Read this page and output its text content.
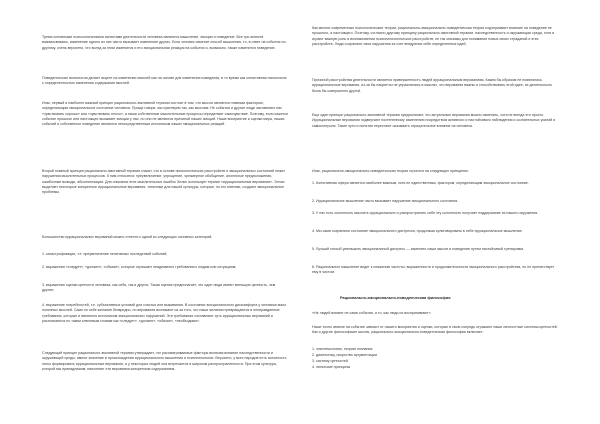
Тремя основными психологическими аспектами деятельности человека являются мышление, эмоции и поведение. Все три аспекта взаимосвязаны, изменение одного из них часто вызывает изменение других. Если человек изменит способ мышления, то, в ответ на события по-другому, очень вероятно, что вслед за этим изменится и его эмоциональная реакция на события и, возможно, также изменится поведение.

Поведенческая психология делает акцент на изменении мыслей как на основе для изменения поведения, в то время как когнитивная психология с определенностью изменения содержания мыслей.

Итак, первый и наиболее важный принцип рационально-эмотивной терапии состоит в том, что мысли являются главным фактором, определяющим эмоциональное состояние человека. Проще говоря, мы чувствуем так, как мыслим. Не события и другие люди заставляют нас «чувствовать хорошо» или «чувствовать плохо», а наши собственные мыслительные процессы определяют самочувствие. Поэтому, если кажется событие прошлое или настоящее вызывает эмоции у нас, но они не являются причиной наших эмоций. Наше восприятие и оценки мира, наших событий и собственное поведение являются непосредственным источником наших эмоциональных реакций.

Второй главный принцип рационально-эмотивной терапии гласит, что в основе психологических расстройств и эмоциональных состояний лежат нарушения мыслительных процессов. К ним относятся: преувеличение, упрощение, чрезмерное обобщение, алогичные предположения, ошибочные выводы, абсолютизации. Для описания этих мыслительных ошибок Эллис использует термин «иррациональные верования». Эллис выделяет некоторые конкретные иррациональные верования, типичные для нашей культуры, которые, по его мнению, создают эмоциональные проблемы.

Большинство иррациональных верований можно отнести к одной из следующих основных категорий:

1. катастрофизация, т.е. преувеличение негативных последствий событий;

2. выражения «следует», «должен», «обязан», которые отражают неадекватно требования к людям или ситуациям;

3. выражения оценки ценности человека, как себя, так и других. Такая оценка предполагает, что один люди имеют меньшую ценность, чем другие;

4. выражение потребностей, т.е. субъективных условий для счастья или выживания. В состоянии эмоционального дискомфорта у человека мало полезных мыслей. Само по себе желание безвредно, но верования возникают из-за того, что наши желания превращаются в неоправданные требования, которые и являются источником эмоциональных нарушений. Эти требования составляют суть иррациональных верований и распознаются по таким ключевым словам как «следует», «должен», «обязан», «необходимо».

Следующий принцип рационально-эмотивной терапии утверждает, что рассматриваемые факторы включая влияние наследственности и окружающей среды, имеют значение в происхождении иррационального мышления и психопатологии. Вероятно, у всех народов есть склонность легко формировать иррациональные верования, а у некоторых людей она встречается в широком распространенности. При этом культура, которой мы принадлежим, наполняет эти верования конкретным содержанием.

Как многие современные психологические теории, рационально-эмоционально-поведенческая теория подчеркивает влияние на поведение не прошлого, а настоящего. Поэтому, согласно другому принципу рационально-эмотивной терапии, наследственность и окружающая среда, хотя и играют важную роль в возникновении психопатологических расстройств, не так значимы для понимания новых своих страданий и этих расстройств. Люди сохраняют свои нарушения за счет внедрения себе определенных идей.

Причиной расстройства деятельности является приверженность людей иррациональным верованиям. Каким бы образом не появлялись иррациональные верования, из-за бы пациенты не упражнялись в мыслях, что верования важны и способствовать этой идее, их деятельность была бы совершенно другой.

Еще один принцип рационально-эмотивной терапии предполагает, что актуальные верования можно изменить, хотя не всегда это просто. Иррациональные верования подвергают постепенному изменению посредством активного и настойчивого наблюдения и сознательных усилий и самоконтроля. Такие пути и понятия перестают оказывать отрицательное влияние на человека.

Итак, рационально-эмоционально-поведенческая теория строится на следующих принципах:

1. Когнитивная сфера является наиболее важным, хотя не единственным, фактором, определяющим эмоциональное состояние.

2. Иррациональное мышление часто вызывает нарушение эмоционального состояния.

3. У нас есть склонность мыслить иррационально и распространять себе эту склонность получает поддержание из нашего окружения.

4. Мы сами сохраняем состояние эмоционального дистресса, продолжая культивировать в себе иррациональное мышление.

5. Лучший способ уменьшить эмоциональный дистресс — изменить наши мысли и поведение путем настойчивой тренировки.

6. Рациональное мышление ведет к снижению частоты, выраженности и продолжительности эмоционального расстройства, но не препятствует ему в чистом.

Рационально-эмоционально-поведенческая философия

«Не людей влияют не сами события, а то, как люди их воспринимают».

Наше точно земное на событие зависит от нашего восприятия и оценки, которые в свою очередь отражают наши личностные системы ценностей. Как и другие философские школы, рационально-эмоционально-поведенческая философия включает:

1. эпистемологию, теорию познания

2. диалектику, искусство аргументации

3. систему ценностей

4. этические принципы
